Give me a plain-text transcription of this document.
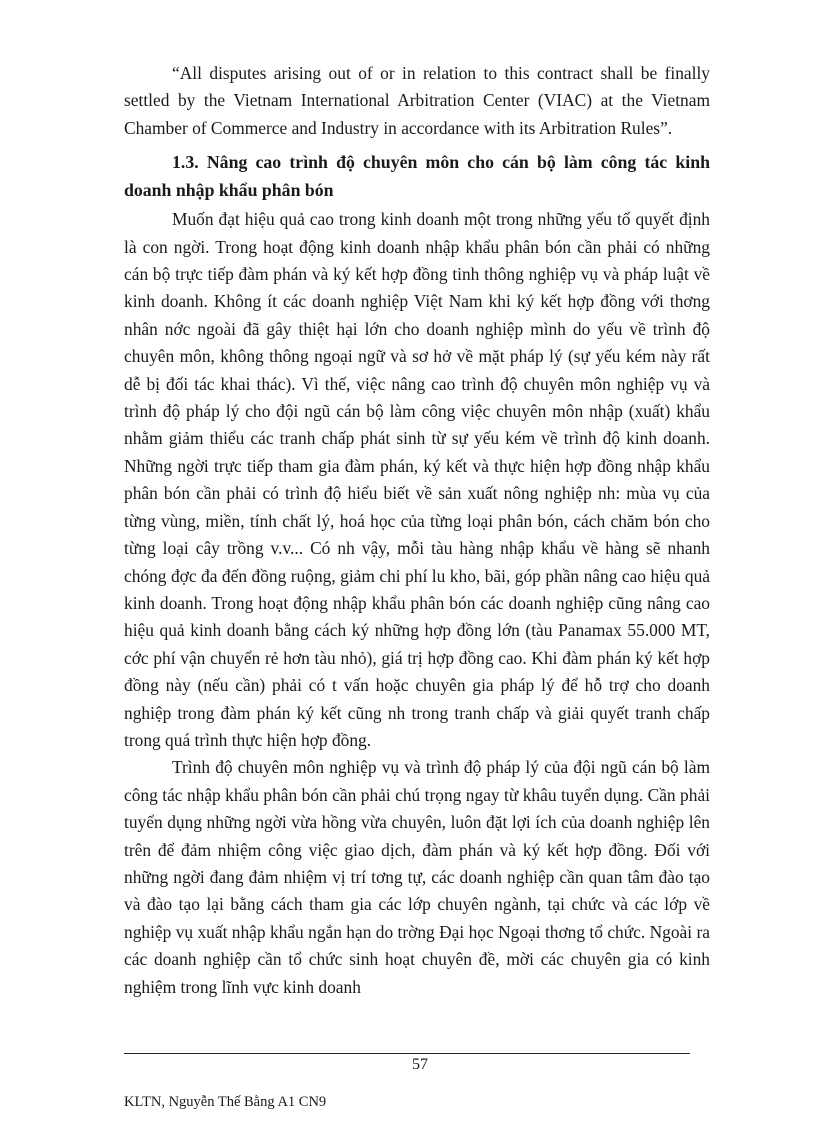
“All disputes arising out of or in relation to this contract shall be finally settled by the Vietnam International Arbitration Center (VIAC) at the Vietnam Chamber of Commerce and Industry in accordance with its Arbitration Rules”.

1.3. Nâng cao trình độ chuyên môn cho cán bộ làm công tác kinh doanh nhập khẩu phân bón

Muốn đạt hiệu quả cao trong kinh doanh một trong những yếu tố quyết định là con ngời. Trong hoạt động kinh doanh nhập khẩu phân bón cần phải có những cán bộ trực tiếp đàm phán và ký kết hợp đồng tinh thông nghiệp vụ và pháp luật về kinh doanh. Không ít các doanh nghiệp Việt Nam khi ký kết hợp đồng với thơng nhân nớc ngoài đã gây thiệt hại lớn cho doanh nghiệp mình do yếu về trình độ chuyên môn, không thông ngoại ngữ và sơ hở về mặt pháp lý (sự yếu kém này rất dễ bị đối tác khai thác). Vì thế, việc nâng cao trình độ chuyên môn nghiệp vụ và trình độ pháp lý cho đội ngũ cán bộ làm công việc chuyên môn nhập (xuất) khẩu nhằm giảm thiểu các tranh chấp phát sinh từ sự yếu kém về trình độ kinh doanh. Những ngời trực tiếp tham gia đàm phán, ký kết và thực hiện hợp đồng nhập khẩu phân bón cần phải có trình độ hiểu biết về sản xuất nông nghiệp nh: mùa vụ của từng vùng, miền, tính chất lý, hoá học của từng loại phân bón, cách chăm bón cho từng loại cây trồng v.v... Có nh vậy, mỗi tàu hàng nhập khẩu về hàng sẽ nhanh chóng đợc đa đến đồng ruộng, giảm chi phí lu kho, bãi, góp phần nâng cao hiệu quả kinh doanh. Trong hoạt động nhập khẩu phân bón các doanh nghiệp cũng nâng cao hiệu quả kinh doanh bằng cách ký những hợp đồng lớn (tàu Panamax 55.000 MT, cớc phí vận chuyển rẻ hơn tàu nhỏ), giá trị hợp đồng cao. Khi đàm phán ký kết hợp đồng này (nếu cần) phải có t vấn hoặc chuyên gia pháp lý để hỗ trợ cho doanh nghiệp trong đàm phán ký kết cũng nh trong tranh chấp và giải quyết tranh chấp trong quá trình thực hiện hợp đồng.

Trình độ chuyên môn nghiệp vụ và trình độ pháp lý của đội ngũ cán bộ làm công tác nhập khẩu phân bón cần phải chú trọng ngay từ khâu tuyển dụng. Cần phải tuyển dụng những ngời vừa hồng vừa chuyên, luôn đặt lợi ích của doanh nghiệp lên trên để đảm nhiệm công việc giao dịch, đàm phán và ký kết hợp đồng. Đối với những ngời đang đảm nhiệm vị trí tơng tự, các doanh nghiệp cần quan tâm đào tạo và đào tạo lại bằng cách tham gia các lớp chuyên ngành, tại chức và các lớp về nghiệp vụ xuất nhập khẩu ngắn hạn do trờng Đại học Ngoại thơng tổ chức. Ngoài ra các doanh nghiệp cần tổ chức sinh hoạt chuyên đề, mời các chuyên gia có kinh nghiệm trong lĩnh vực kinh doanh

57
KLTN, Nguyễn Thế Bằng A1 CN9
